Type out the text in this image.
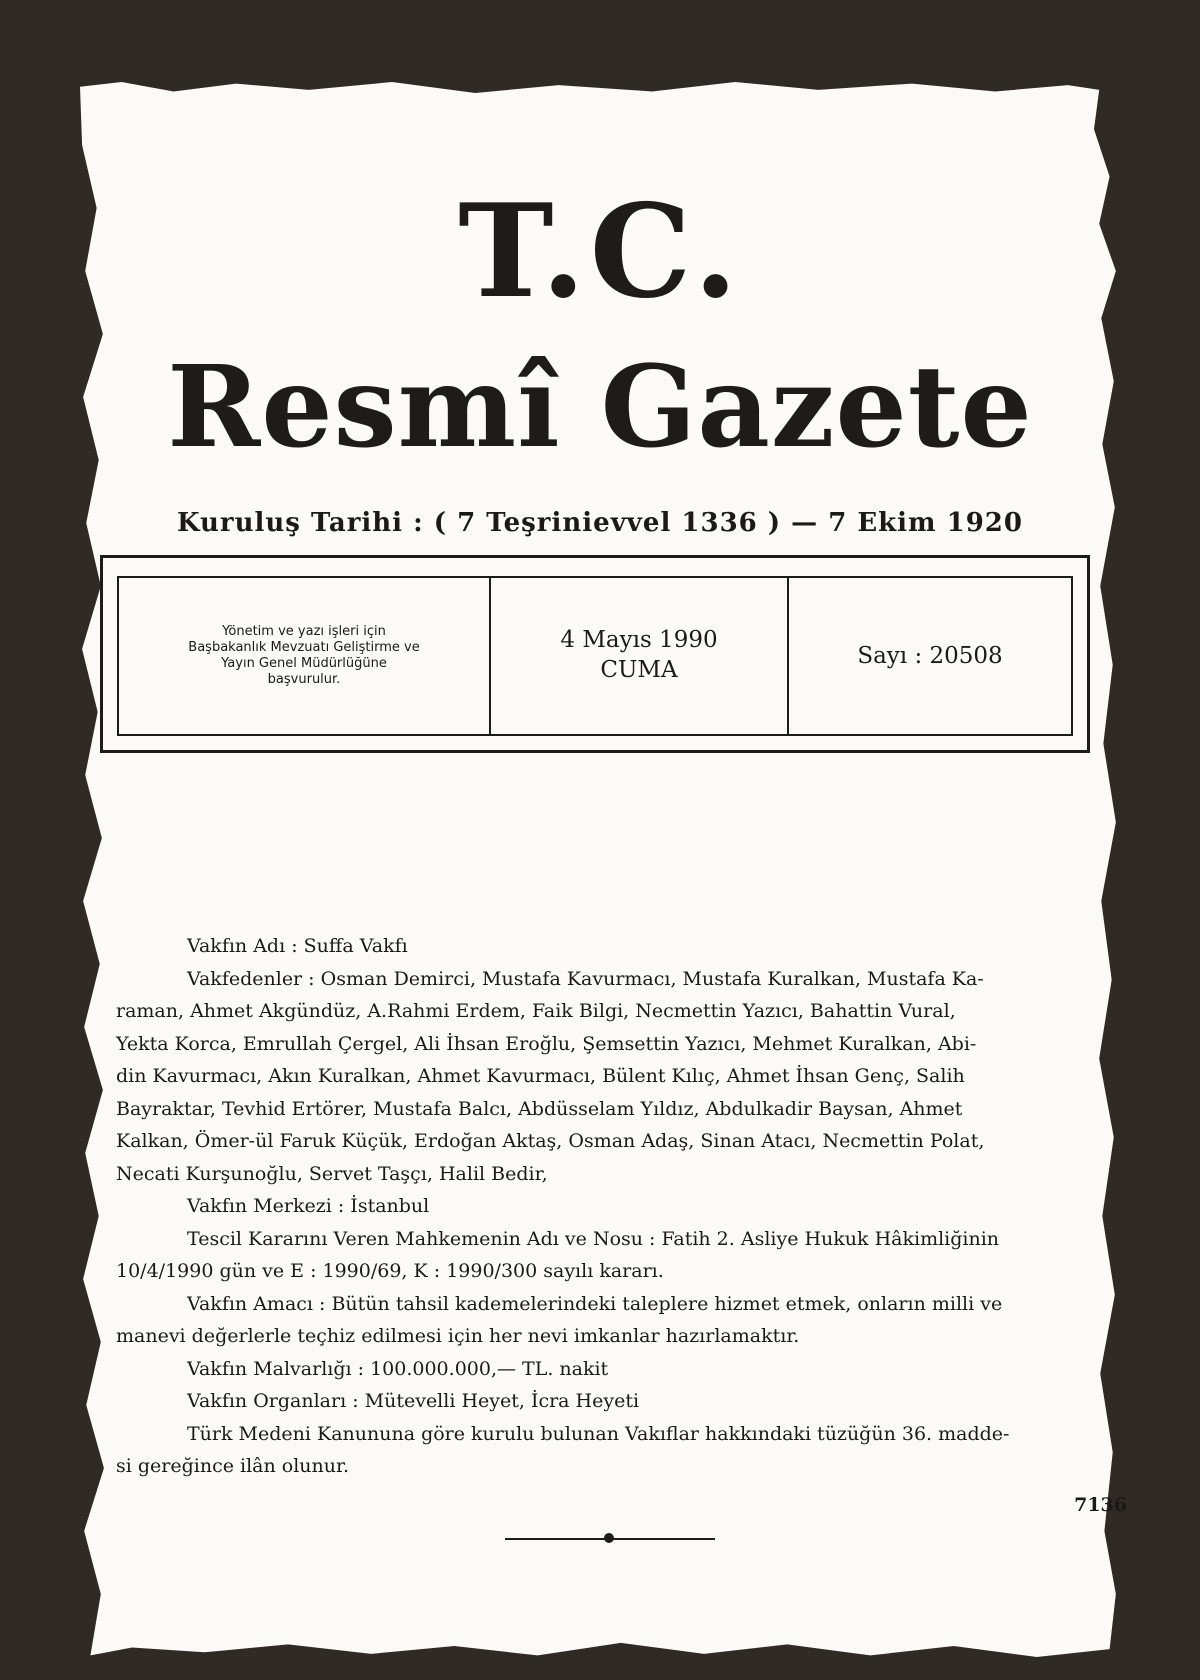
T.C.
Resmî Gazete
Kuruluş Tarihi : ( 7 Teşrinievvel 1336 ) — 7 Ekim 1920
Yönetim ve yazı işleri için
Başbakanlık Mevzuatı Geliştirme ve
Yayın Genel Müdürlüğüne
başvurulur.
4 Mayıs 1990
CUMA
Sayı : 20508

Vakfın Adı : Suffa Vakfı

Vakfedenler : Osman Demirci, Mustafa Kavurmacı, Mustafa Kuralkan, Mustafa Ka-

raman, Ahmet Akgündüz, A.Rahmi Erdem, Faik Bilgi, Necmettin Yazıcı, Bahattin Vural,
Yekta Korca, Emrullah Çergel, Ali İhsan Eroğlu, Şemsettin Yazıcı, Mehmet Kuralkan, Abi-
din Kavurmacı, Akın Kuralkan, Ahmet Kavurmacı, Bülent Kılıç, Ahmet İhsan Genç, Salih
Bayraktar, Tevhid Ertörer, Mustafa Balcı, Abdüsselam Yıldız, Abdulkadir Baysan, Ahmet
Kalkan, Ömer-ül Faruk Küçük, Erdoğan Aktaş, Osman Adaş, Sinan Atacı, Necmettin Polat,
Necati Kurşunoğlu, Servet Taşçı, Halil Bedir,

Vakfın Merkezi : İstanbul

Tescil Kararını Veren Mahkemenin Adı ve Nosu : Fatih 2. Asliye Hukuk Hâkimliğinin

10/4/1990 gün ve E : 1990/69, K : 1990/300 sayılı kararı.

Vakfın Amacı : Bütün tahsil kademelerindeki taleplere hizmet etmek, onların milli ve

manevi değerlerle teçhiz edilmesi için her nevi imkanlar hazırlamaktır.

Vakfın Malvarlığı : 100.000.000,— TL. nakit

Vakfın Organları : Mütevelli Heyet, İcra Heyeti

Türk Medeni Kanununa göre kurulu bulunan Vakıflar hakkındaki tüzüğün 36. madde-

si gereğince ilân olunur.

7136
